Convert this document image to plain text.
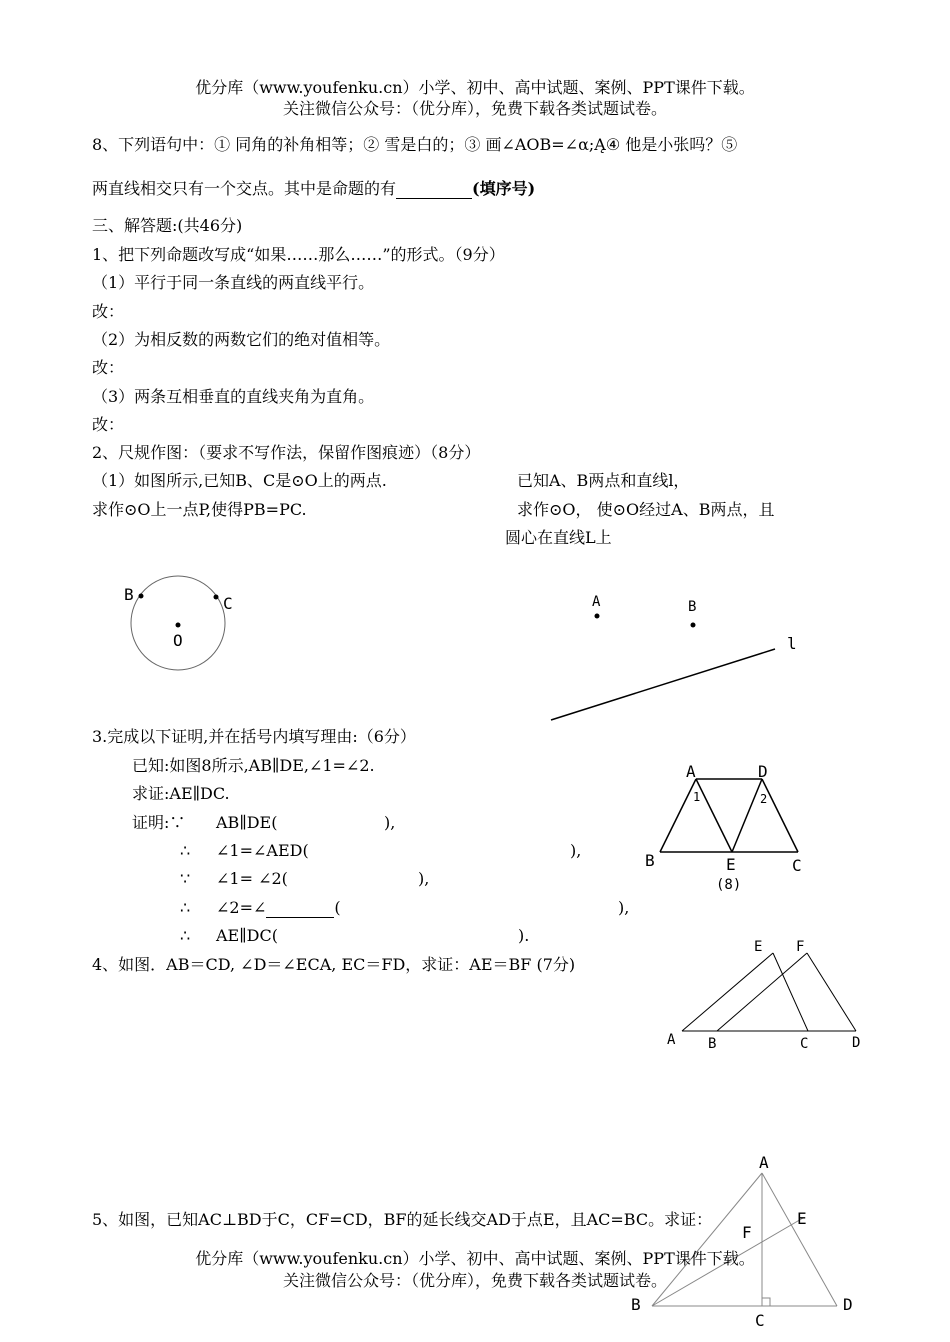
优分库（www.youfenku.cn）小学、初中、高中试题、案例、PPT课件下载。
关注微信公众号：（优分库），免费下载各类试题试卷。
8、下列语句中：① 同角的补角相等；② 雪是白的；③ 画∠AOB=∠α;Ą④ 他是小张吗？⑤
两直线相交只有一个交点。其中是命题的有	(填序号)
三、解答题:(共46分)
1、把下列命题改写成“如果……那么……”的形式。（9分）
（1）平行于同一条直线的两直线平行。
改：
（2）为相反数的两数它们的绝对值相等。
改：
（3）两条互相垂直的直线夹角为直角。
改：
2、尺规作图：（要求不写作法，保留作图痕迹）（8分）
（1）如图所示,已知B、C是⊙O上的两点.
求作⊙O上一点P,使得PB=PC.
已知A、B两点和直线l，
求作⊙O， 使⊙O经过A、B两点，且
圆心在直线L上
B	C
O
A	B
l
3.完成以下证明,并在括号内填写理由:（6分）
已知:如图8所示,AB∥DE,∠1=∠2.
求证:AE∥DC.
证明:∵ AB∥DE(	),
∴ ∠1=∠AED(	),
∵ ∠1= ∠2(	),
∴ ∠2=∠	(	),
∴ AE∥DC(	).
A	D
1	2
B	E	C
(8)
4、如图．AB＝CD, ∠D＝∠ECA, EC＝FD，求证：AE＝BF (7分)
E F
A B	C	D
5、如图，已知AC⊥BD于C，CF=CD，BF的延长线交AD于点E，且AC=BC。求证：
A
F
E
B
C
D
优分库（www.youfenku.cn）小学、初中、高中试题、案例、PPT课件下载。
关注微信公众号：（优分库），免费下载各类试题试卷。
